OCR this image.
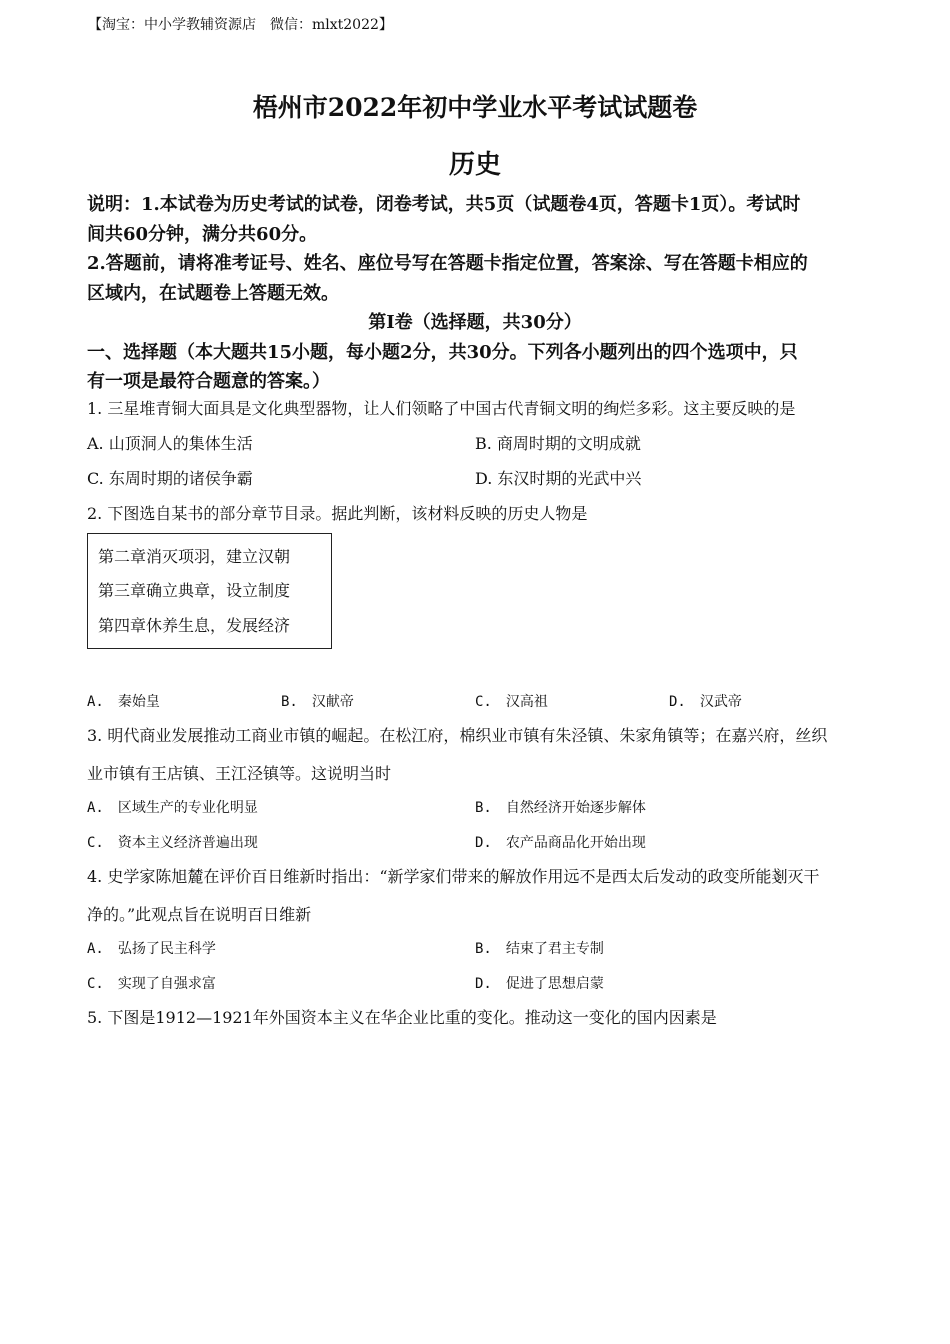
【淘宝：中小学教辅资源店　微信：mlxt2022】
梧州市2022年初中学业水平考试试题卷
历史
说明：1.本试卷为历史考试的试卷，闭卷考试，共5页（试题卷4页，答题卡1页）。考试时
间共60分钟，满分共60分。
2.答题前，请将准考证号、姓名、座位号写在答题卡指定位置，答案涂、写在答题卡相应的
区域内，在试题卷上答题无效。
第Ⅰ卷（选择题，共30分）
一、选择题（本大题共15小题，每小题2分，共30分。下列各小题列出的四个选项中，只
有一项是最符合题意的答案。）
1. 三星堆青铜大面具是文化典型器物，让人们领略了中国古代青铜文明的绚烂多彩。这主要反映的是
A. 山顶洞人的集体生活	B. 商周时期的文明成就
C. 东周时期的诸侯争霸	D. 东汉时期的光武中兴
2. 下图选自某书的部分章节目录。据此判断，该材料反映的历史人物是
第二章消灭项羽，建立汉朝
第三章确立典章，设立制度
第四章休养生息，发展经济
A.　秦始皇	B.　汉献帝	C.　汉高祖	D.　汉武帝
3. 明代商业发展推动工商业市镇的崛起。在松江府，棉织业市镇有朱泾镇、朱家角镇等；在嘉兴府，丝织
业市镇有王店镇、王江泾镇等。这说明当时
A.　区域生产的专业化明显	B.　自然经济开始逐步解体
C.　资本主义经济普遍出现	D.　农产品商品化开始出现
4. 史学家陈旭麓在评价百日维新时指出：“新学家们带来的解放作用远不是西太后发动的政变所能剗灭干
净的。”此观点旨在说明百日维新
A.　弘扬了民主科学	B.　结束了君主专制
C.　实现了自强求富	D.　促进了思想启蒙
5. 下图是1912—1921年外国资本主义在华企业比重的变化。推动这一变化的国内因素是
